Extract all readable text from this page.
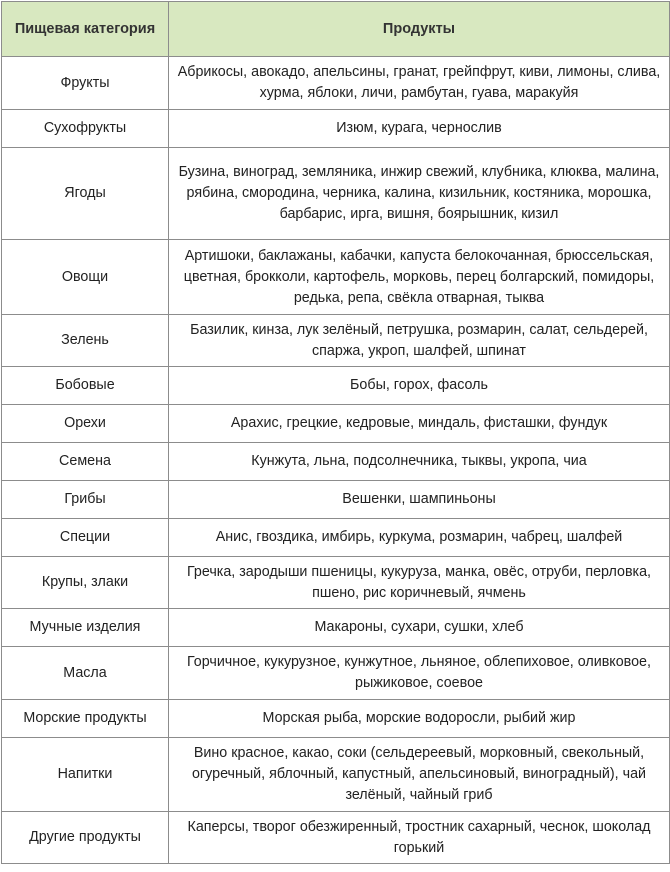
Пищевая категория	Продукты
Фрукты	Абрикосы, авокадо, апельсины, гранат, грейпфрут, киви, лимоны, слива, хурма, яблоки, личи, рамбутан, гуава, маракуйя
Сухофрукты	Изюм, курага, чернослив
Ягоды	Бузина, виноград, земляника, инжир свежий, клубника, клюква, малина, рябина, смородина, черника, калина, кизильник, костяника, морошка, барбарис, ирга, вишня, боярышник, кизил
Овощи	Артишоки, баклажаны, кабачки, капуста белокочанная, брюссельская, цветная, брокколи, картофель, морковь, перец болгарский, помидоры, редька, репа, свёкла отварная, тыква
Зелень	Базилик, кинза, лук зелёный, петрушка, розмарин, салат, сельдерей, спаржа, укроп, шалфей, шпинат
Бобовые	Бобы, горох, фасоль
Орехи	Арахис, грецкие, кедровые, миндаль, фисташки, фундук
Семена	Кунжута, льна, подсолнечника, тыквы, укропа, чиа
Грибы	Вешенки, шампиньоны
Специи	Анис, гвоздика, имбирь, куркума, розмарин, чабрец, шалфей
Крупы, злаки	Гречка, зародыши пшеницы, кукуруза, манка, овёс, отруби, перловка, пшено, рис коричневый, ячмень
Мучные изделия	Макароны, сухари, сушки, хлеб
Масла	Горчичное, кукурузное, кунжутное, льняное, облепиховое, оливковое, рыжиковое, соевое
Морские продукты	Морская рыба, морские водоросли, рыбий жир
Напитки	Вино красное, какао, соки (сельдереевый, морковный, свекольный, огуречный, яблочный, капустный, апельсиновый, виноградный), чай зелёный, чайный гриб
Другие продукты	Каперсы, творог обезжиренный, тростник сахарный, чеснок, шоколад горький
